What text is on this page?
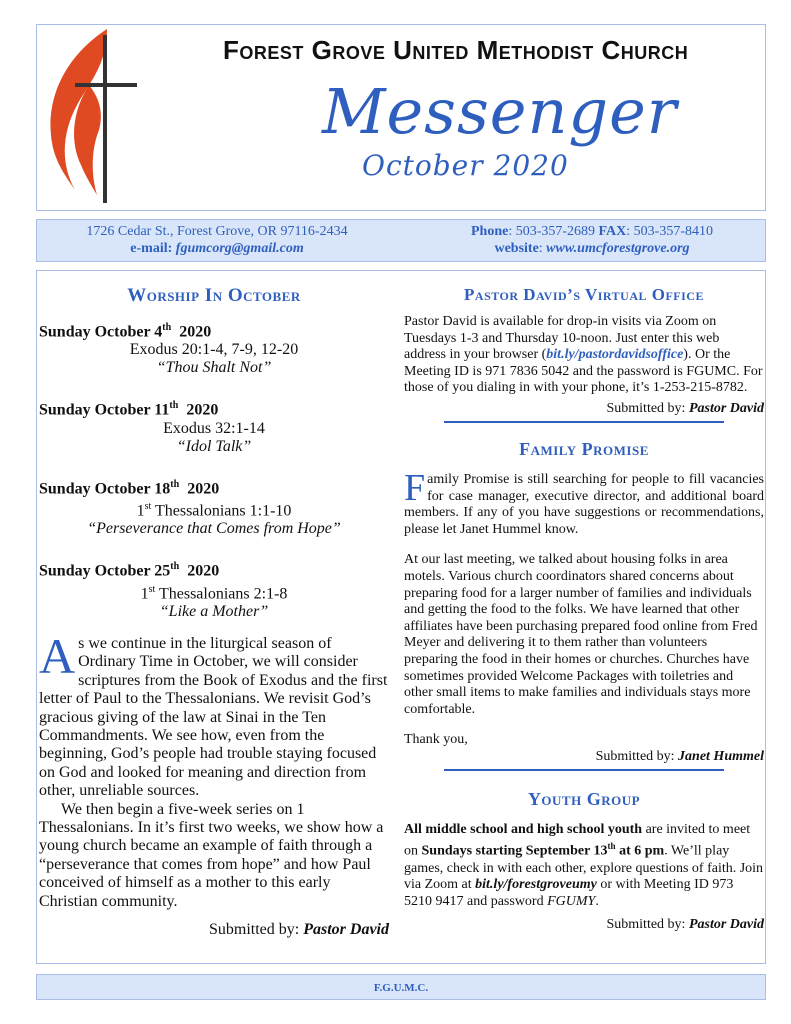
Forest Grove United Methodist Church
Messenger
October 2020
1726 Cedar St., Forest Grove, OR 97116-2434
e-mail: fgumcorg@gmail.com
Phone: 503-357-2689 FAX: 503-357-8410
website: www.umcforestgrove.org
Worship In October
Sunday October 4th  2020
Exodus 20:1-4, 7-9, 12-20
“Thou Shalt Not”
Sunday October 11th  2020
Exodus 32:1-14
“Idol Talk”
Sunday October 18th  2020
1st Thessalonians 1:1-10
“Perseverance that Comes from Hope”
Sunday October 25th  2020
1st Thessalonians 2:1-8
“Like a Mother”
As we continue in the liturgical season of Ordinary Time in October, we will consider scriptures from the Book of Exodus and the first letter of Paul to the Thessalonians. We revisit God’s gracious giving of the law at Sinai in the Ten Commandments. We see how, even from the beginning, God’s people had trouble staying focused on God and looked for meaning and direction from other, unreliable sources.
We then begin a five-week series on 1 Thessalonians. In it’s first two weeks, we show how a young church became an example of faith through a “perseverance that comes from hope” and how Paul conceived of himself as a mother to this early Christian community.
Submitted by: Pastor David
Pastor David’s Virtual Office
Pastor David is available for drop-in visits via Zoom on Tuesdays 1-3 and Thursday 10-noon. Just enter this web address in your browser (bit.ly/pastordavidsoffice). Or the Meeting ID is 971 7836 5042 and the password is FGUMC. For those of you dialing in with your phone, it’s 1-253-215-8782.
Submitted by: Pastor David
Family Promise
Family Promise is still searching for people to fill vacancies for case manager, executive director, and additional board members. If any of you have suggestions or recommendations, please let Janet Hummel know.
At our last meeting, we talked about housing folks in area motels. Various church coordinators shared concerns about preparing food for a larger number of families and individuals and getting the food to the folks. We have learned that other affiliates have been purchasing prepared food online from Fred Meyer and delivering it to them rather than volunteers preparing the food in their homes or churches. Churches have sometimes provided Welcome Packages with toiletries and other small items to make families and individuals stays more comfortable.
Thank you,
Submitted by: Janet Hummel
Youth Group
All middle school and high school youth are invited to meet on Sundays starting September 13th at 6 pm. We’ll play games, check in with each other, explore questions of faith. Join via Zoom at bit.ly/forestgroveumy or with Meeting ID 973 5210 9417 and password FGUMY.
Submitted by: Pastor David
F.G.U.M.C.
